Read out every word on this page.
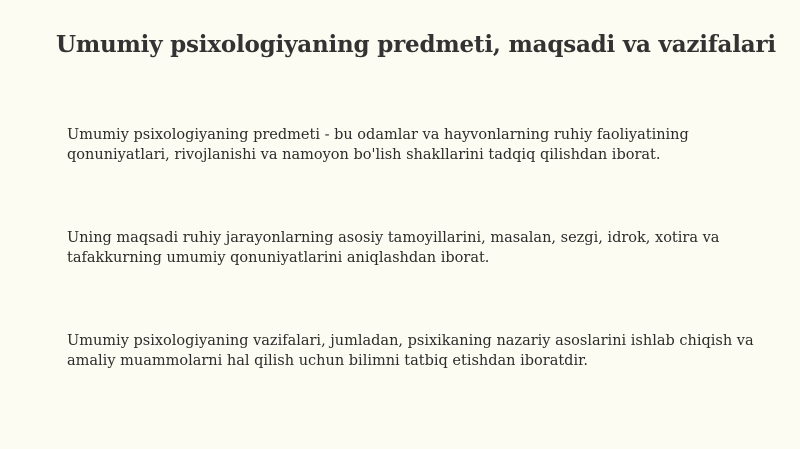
Umumiy psixologiyaning predmeti, maqsadi va vazifalari

Umumiy psixologiyaning predmeti - bu odamlar va hayvonlarning ruhiy faoliyatining qonuniyatlari, rivojlanishi va namoyon bo'lish shakllarini tadqiq qilishdan iborat.

Uning maqsadi ruhiy jarayonlarning asosiy tamoyillarini, masalan, sezgi, idrok, xotira va tafakkurning umumiy qonuniyatlarini aniqlashdan iborat.

Umumiy psixologiyaning vazifalari, jumladan, psixikaning nazariy asoslarini ishlab chiqish va amaliy muammolarni hal qilish uchun bilimni tatbiq etishdan iboratdir.
